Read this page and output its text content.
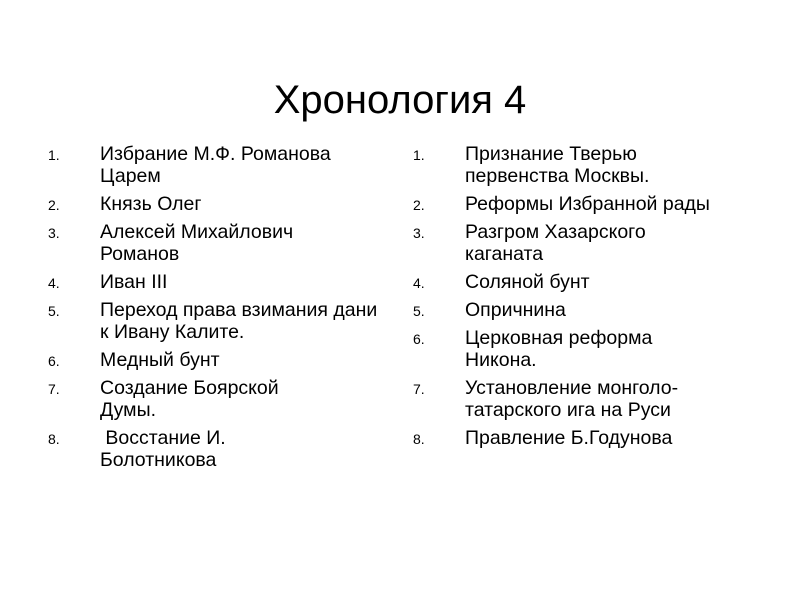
Хронология 4
1. Избрание М.Ф. Романова Царем
2. Князь Олег
3. Алексей Михайлович Романов
4. Иван III
5. Переход права взимания дани к Ивану Калите.
6. Медный бунт
7. Создание Боярской Думы.
8. Восстание И. Болотникова
1. Признание Тверью первенства Москвы.
2. Реформы Избранной рады
3. Разгром Хазарского каганата
4. Соляной бунт
5. Опричнина
6. Церковная реформа Никона.
7. Установление монголо-татарского ига на Руси
8. Правление Б.Годунова
